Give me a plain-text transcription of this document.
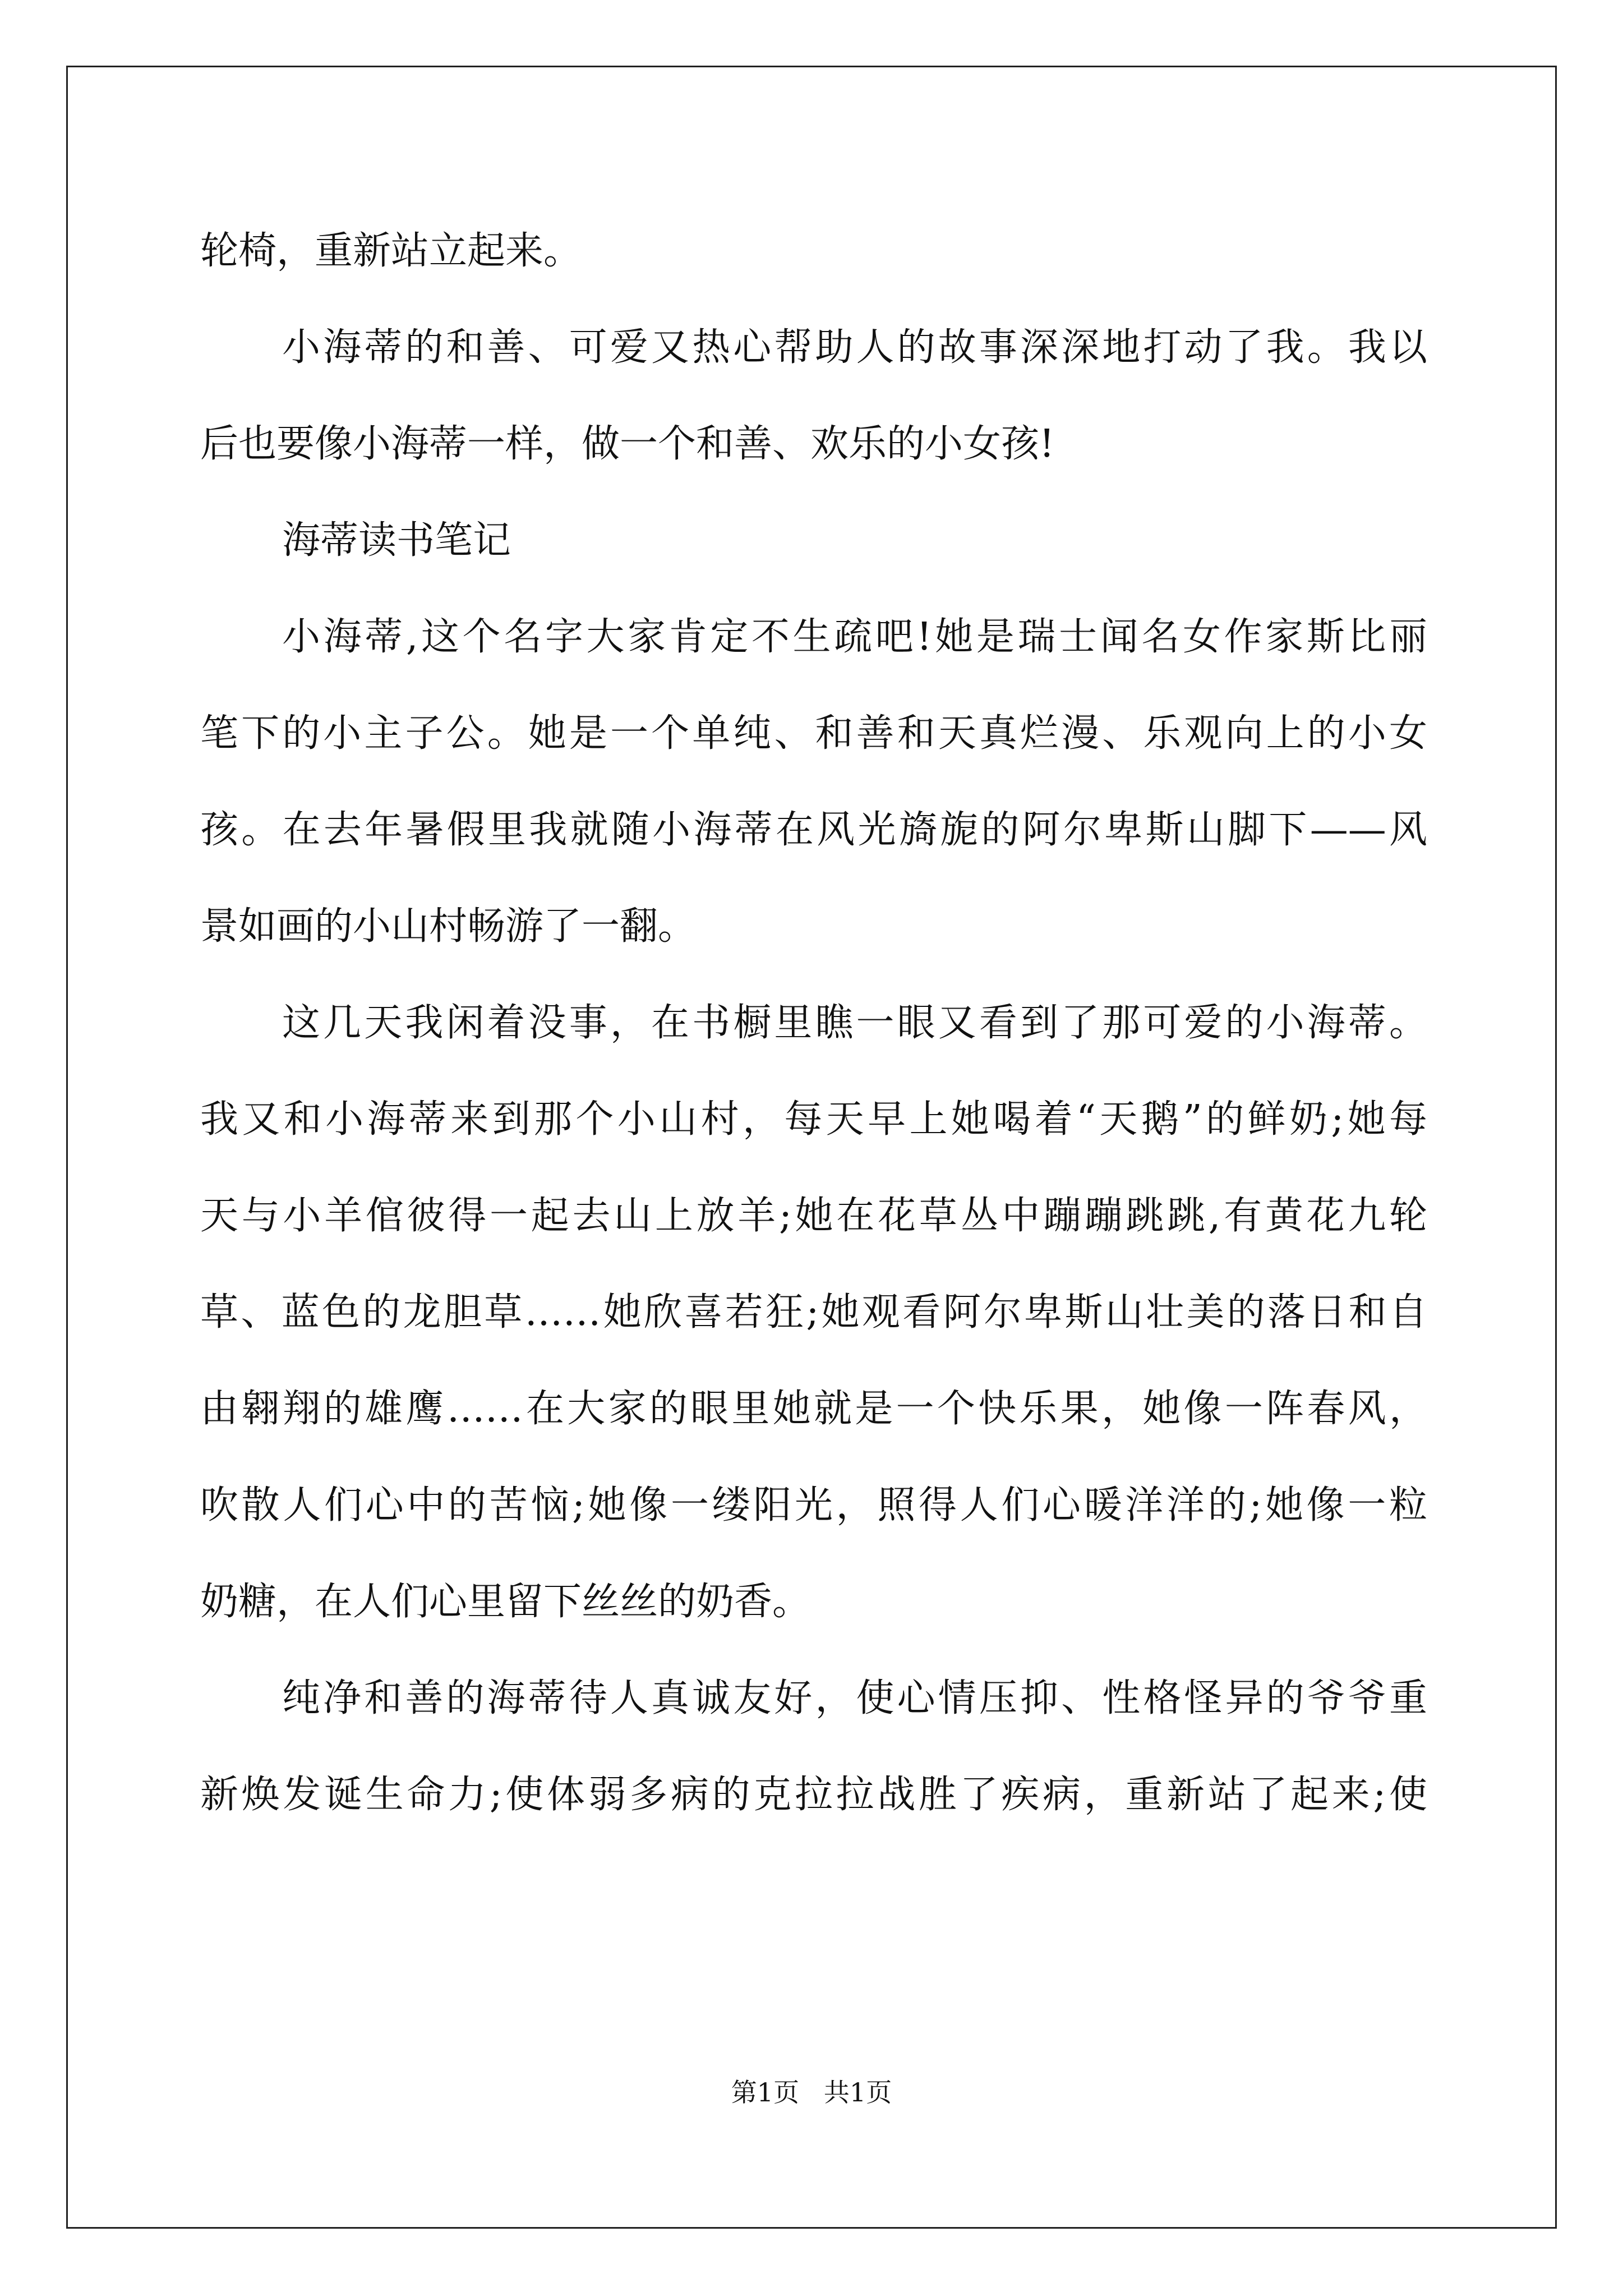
轮椅，重新站立起来。
小海蒂的和善、可爱又热心帮助人的故事深深地打动了我。我以
后也要像小海蒂一样，做一个和善、欢乐的小女孩!
海蒂读书笔记
小海蒂,这个名字大家肯定不生疏吧!她是瑞士闻名女作家斯比丽
笔下的小主子公。她是一个单纯、和善和天真烂漫、乐观向上的小女
孩。在去年暑假里我就随小海蒂在风光旖旎的阿尔卑斯山脚下——风
景如画的小山村畅游了一翻。
这几天我闲着没事，在书橱里瞧一眼又看到了那可爱的小海蒂。
我又和小海蒂来到那个小山村，每天早上她喝着“天鹅”的鲜奶;她每
天与小羊倌彼得一起去山上放羊;她在花草丛中蹦蹦跳跳,有黄花九轮
草、蓝色的龙胆草……她欣喜若狂;她观看阿尔卑斯山壮美的落日和自
由翱翔的雄鹰……在大家的眼里她就是一个快乐果，她像一阵春风，
吹散人们心中的苦恼;她像一缕阳光，照得人们心暖洋洋的;她像一粒
奶糖，在人们心里留下丝丝的奶香。
纯净和善的海蒂待人真诚友好，使心情压抑、性格怪异的爷爷重
新焕发诞生命力;使体弱多病的克拉拉战胜了疾病，重新站了起来;使
第1页   共1页
